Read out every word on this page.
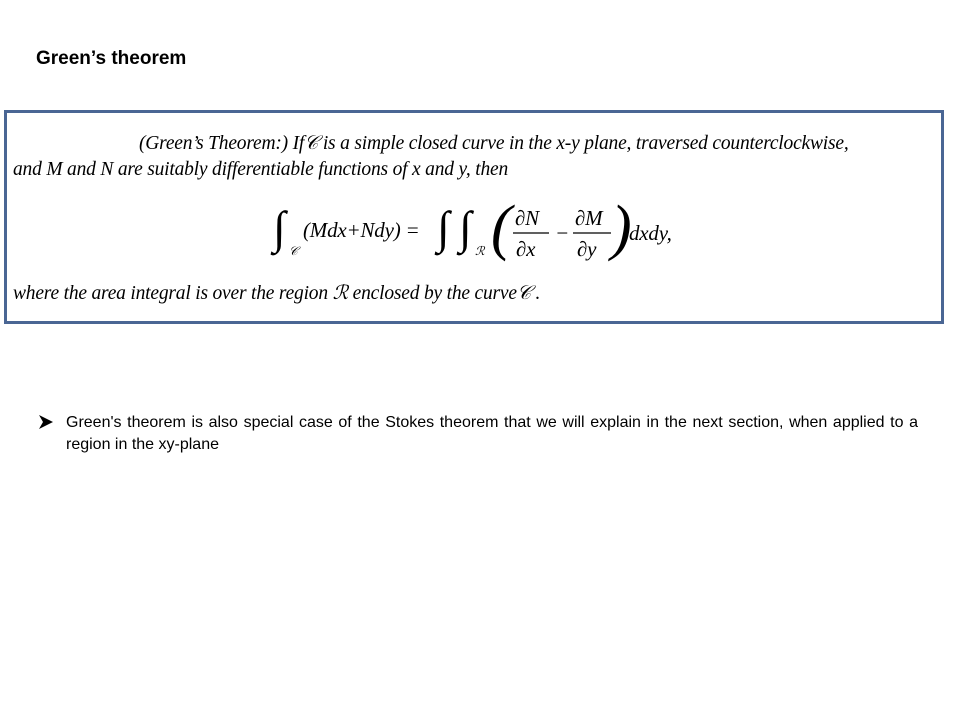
Green’s theorem
(Green’s Theorem:) If𝒞 is a simple closed curve in the x-y plane, traversed counterclockwise,
and M and N are suitably differentiable functions of x and y, then
∫ 𝒞
(Mdx+Ndy) = ∫ ∫ ℛ ( ∂N
∂x
−
∂M
∂y )
dxdy,
where the area integral is over the region ℛ enclosed by the curve𝒞 .
Green's theorem is also special case of the Stokes theorem that we will explain in the next section, when applied to a region in the xy-plane
